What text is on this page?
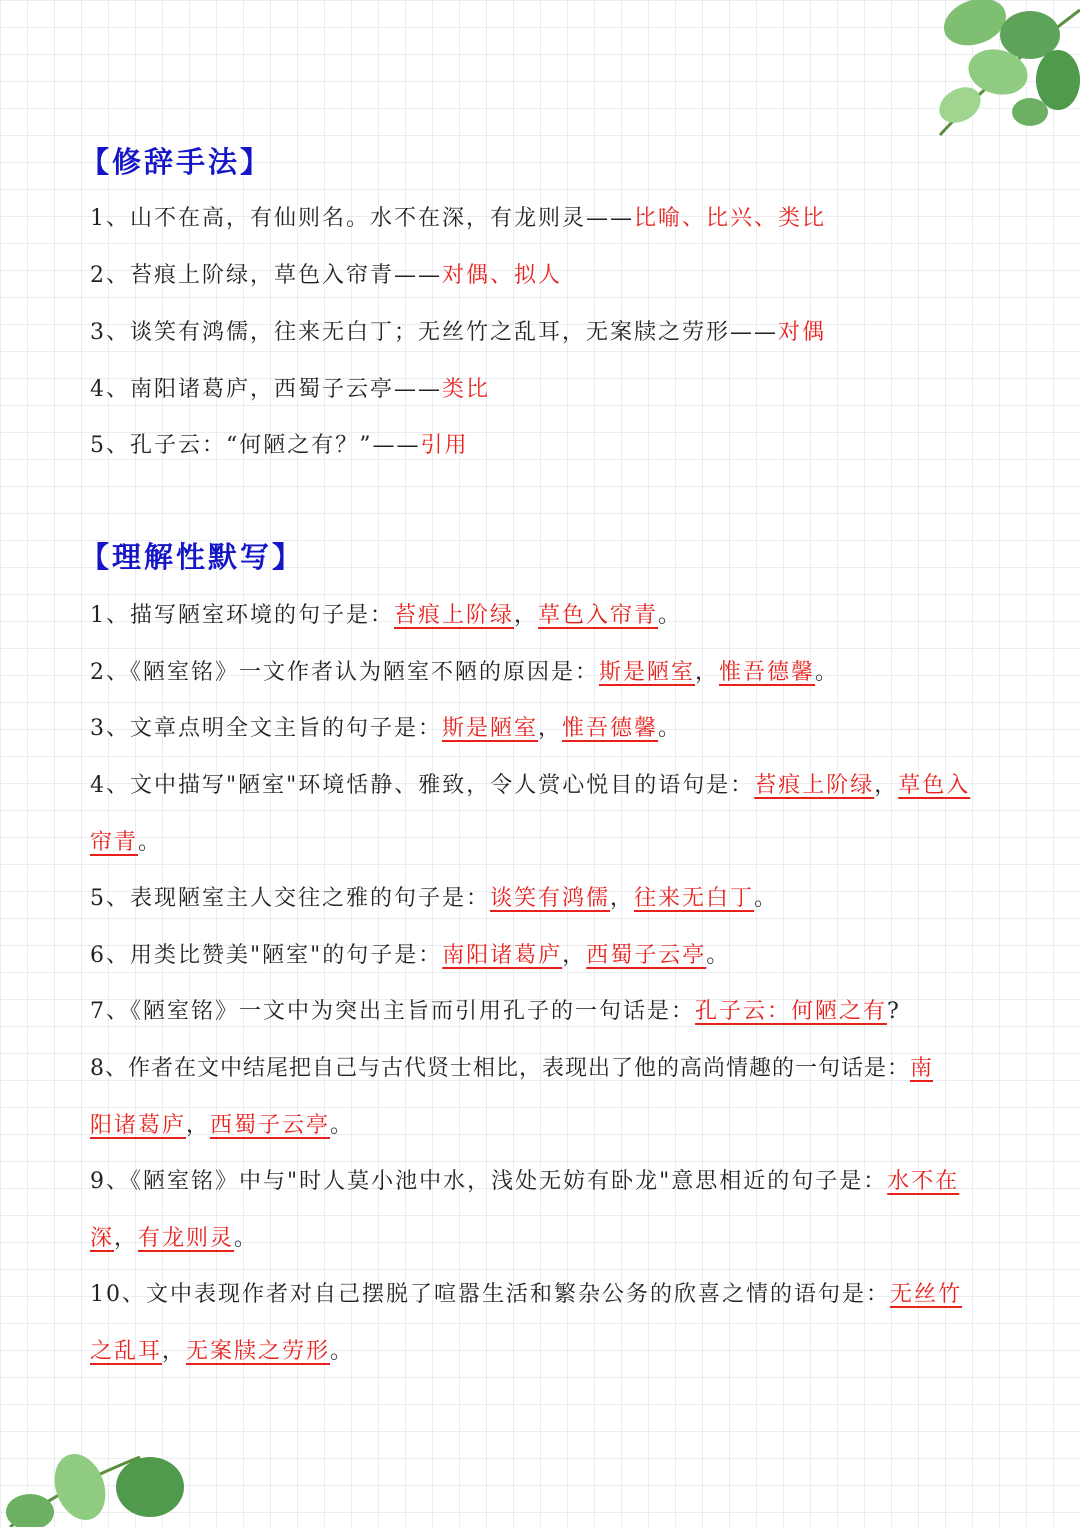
【修辞手法】
1、山不在高，有仙则名。水不在深，有龙则灵——比喻、比兴、类比
2、苔痕上阶绿，草色入帘青——对偶、拟人
3、谈笑有鸿儒，往来无白丁；无丝竹之乱耳，无案牍之劳形——对偶
4、南阳诸葛庐，西蜀子云亭——类比
5、孔子云：“何陋之有？”——引用
【理解性默写】
1、描写陋室环境的句子是：苔痕上阶绿，草色入帘青。
2、《陋室铭》一文作者认为陋室不陋的原因是：斯是陋室，惟吾德馨。
3、文章点明全文主旨的句子是：斯是陋室，惟吾德馨。
4、文中描写"陋室"环境恬静、雅致，令人赏心悦目的语句是：苔痕上阶绿，草色入
帘青。
5、表现陋室主人交往之雅的句子是：谈笑有鸿儒，往来无白丁。
6、用类比赞美"陋室"的句子是：南阳诸葛庐，西蜀子云亭。
7、《陋室铭》一文中为突出主旨而引用孔子的一句话是：孔子云：何陋之有?
8、作者在文中结尾把自己与古代贤士相比，表现出了他的高尚情趣的一句话是：南
阳诸葛庐，西蜀子云亭。
9、《陋室铭》中与"时人莫小池中水，浅处无妨有卧龙"意思相近的句子是：水不在
深，有龙则灵。
10、文中表现作者对自己摆脱了喧嚣生活和繁杂公务的欣喜之情的语句是：无丝竹
之乱耳，无案牍之劳形。
